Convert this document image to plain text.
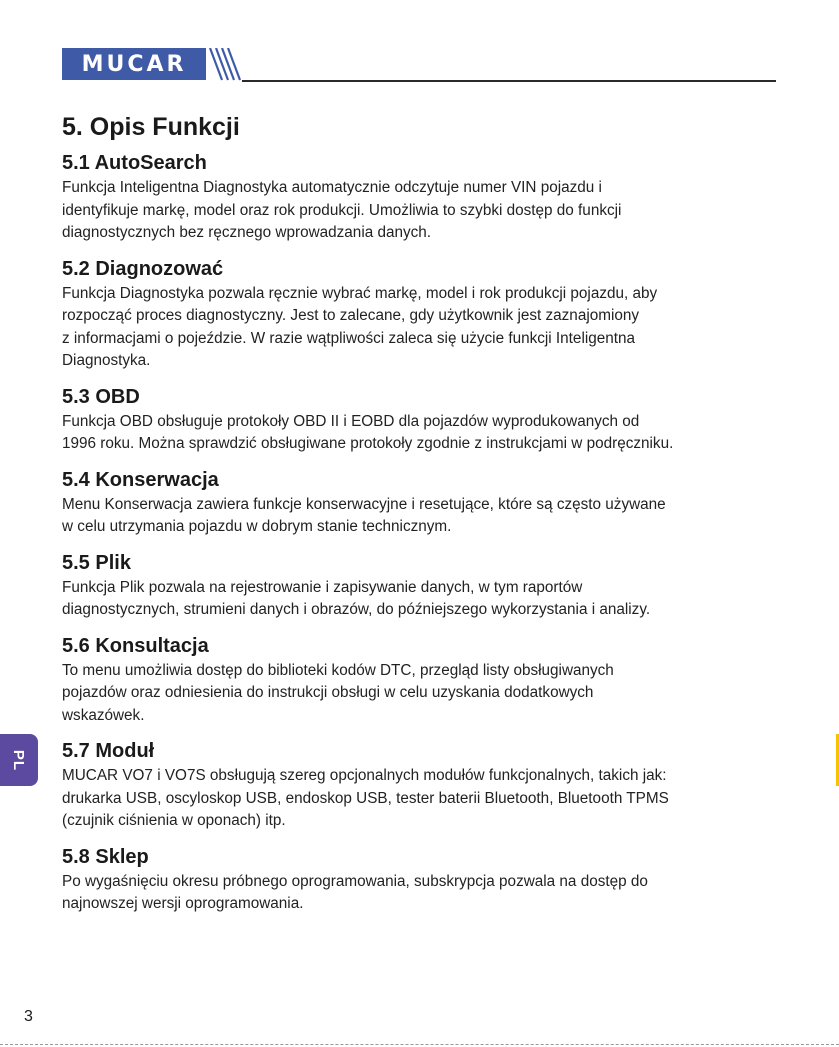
MUCAR
5. Opis Funkcji
5.1 AutoSearch

Funkcja Inteligentna Diagnostyka automatycznie odczytuje numer VIN pojazdu i
identyfikuje markę, model oraz rok produkcji. Umożliwia to szybki dostęp do funkcji
diagnostycznych bez ręcznego wprowadzania danych.

5.2 Diagnozować

Funkcja Diagnostyka pozwala ręcznie wybrać markę, model i rok produkcji pojazdu, aby
rozpocząć proces diagnostyczny. Jest to zalecane, gdy użytkownik jest zaznajomiony
z informacjami o pojeździe. W razie wątpliwości zaleca się użycie funkcji Inteligentna
Diagnostyka.

5.3 OBD

Funkcja OBD obsługuje protokoły OBD II i EOBD dla pojazdów wyprodukowanych od
1996 roku. Można sprawdzić obsługiwane protokoły zgodnie z instrukcjami w podręczniku.

5.4 Konserwacja

Menu Konserwacja zawiera funkcje konserwacyjne i resetujące, które są często używane
w celu utrzymania pojazdu w dobrym stanie technicznym.

5.5 Plik

Funkcja Plik pozwala na rejestrowanie i zapisywanie danych, w tym raportów
diagnostycznych, strumieni danych i obrazów, do późniejszego wykorzystania i analizy.

5.6 Konsultacja

To menu umożliwia dostęp do biblioteki kodów DTC, przegląd listy obsługiwanych
pojazdów oraz odniesienia do instrukcji obsługi w celu uzyskania dodatkowych
wskazówek.

5.7 Moduł

MUCAR VO7 i VO7S obsługują szereg opcjonalnych modułów funkcjonalnych, takich jak:
drukarka USB, oscyloskop USB, endoskop USB, tester baterii Bluetooth, Bluetooth TPMS
(czujnik ciśnienia w oponach) itp.

5.8 Sklep

Po wygaśnięciu okresu próbnego oprogramowania, subskrypcja pozwala na dostęp do
najnowszej wersji oprogramowania.

PL
3
